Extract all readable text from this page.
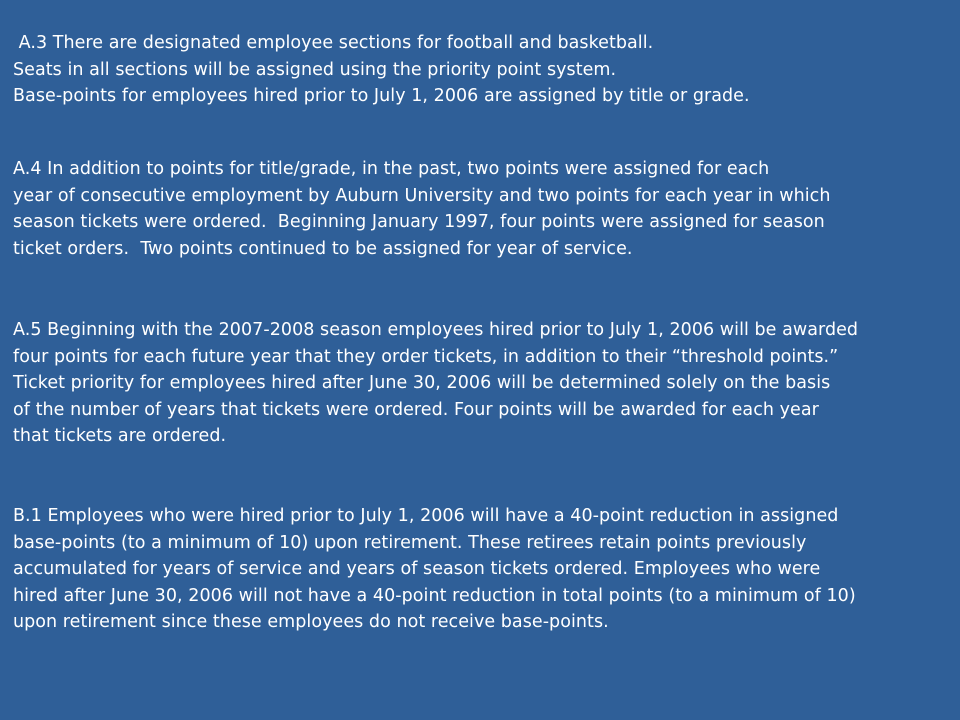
A.3 There are designated employee sections for football and basketball.
Seats in all sections will be assigned using the priority point system.
Base-points for employees hired prior to July 1, 2006 are assigned by title or grade.

A.4 In addition to points for title/grade, in the past, two points were assigned for each
year of consecutive employment by Auburn University and two points for each year in which
season tickets were ordered.  Beginning January 1997, four points were assigned for season
ticket orders.  Two points continued to be assigned for year of service.

A.5 Beginning with the 2007-2008 season employees hired prior to July 1, 2006 will be awarded
four points for each future year that they order tickets, in addition to their “threshold points.”
Ticket priority for employees hired after June 30, 2006 will be determined solely on the basis
of the number of years that tickets were ordered. Four points will be awarded for each year
that tickets are ordered.

B.1 Employees who were hired prior to July 1, 2006 will have a 40-point reduction in assigned
base-points (to a minimum of 10) upon retirement. These retirees retain points previously
accumulated for years of service and years of season tickets ordered. Employees who were
hired after June 30, 2006 will not have a 40-point reduction in total points (to a minimum of 10)
upon retirement since these employees do not receive base-points.
